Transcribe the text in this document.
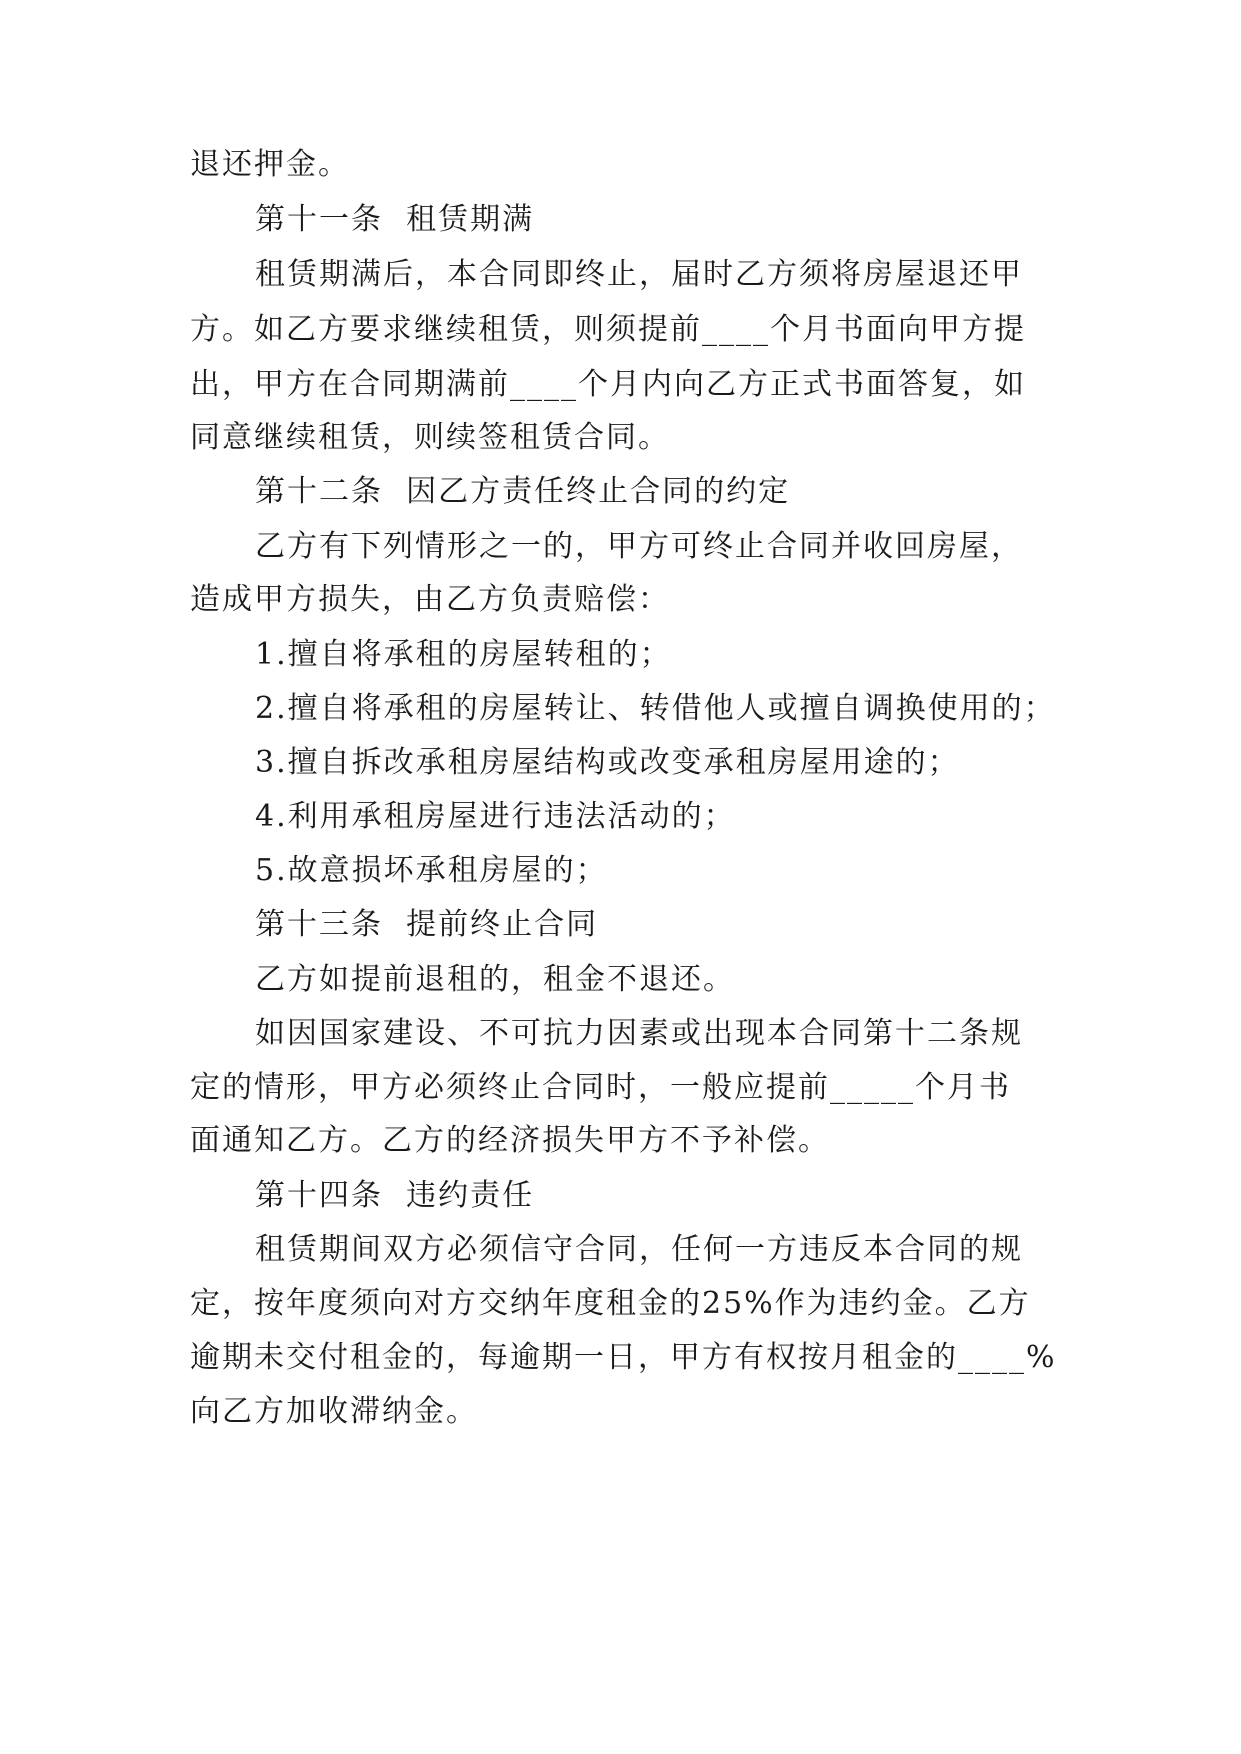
退还押金。
第十一条  租赁期满
租赁期满后，本合同即终止，届时乙方须将房屋退还甲
方。如乙方要求继续租赁，则须提前____个月书面向甲方提
出，甲方在合同期满前____个月内向乙方正式书面答复，如
同意继续租赁，则续签租赁合同。
第十二条  因乙方责任终止合同的约定
乙方有下列情形之一的，甲方可终止合同并收回房屋，
造成甲方损失，由乙方负责赔偿：
1.擅自将承租的房屋转租的；
2.擅自将承租的房屋转让、转借他人或擅自调换使用的；
3.擅自拆改承租房屋结构或改变承租房屋用途的；
4.利用承租房屋进行违法活动的；
5.故意损坏承租房屋的；
第十三条  提前终止合同
乙方如提前退租的，租金不退还。
如因国家建设、不可抗力因素或出现本合同第十二条规
定的情形，甲方必须终止合同时，一般应提前_____个月书
面通知乙方。乙方的经济损失甲方不予补偿。
第十四条  违约责任
租赁期间双方必须信守合同，任何一方违反本合同的规
定，按年度须向对方交纳年度租金的25%作为违约金。乙方
逾期未交付租金的，每逾期一日，甲方有权按月租金的____%
向乙方加收滞纳金。
